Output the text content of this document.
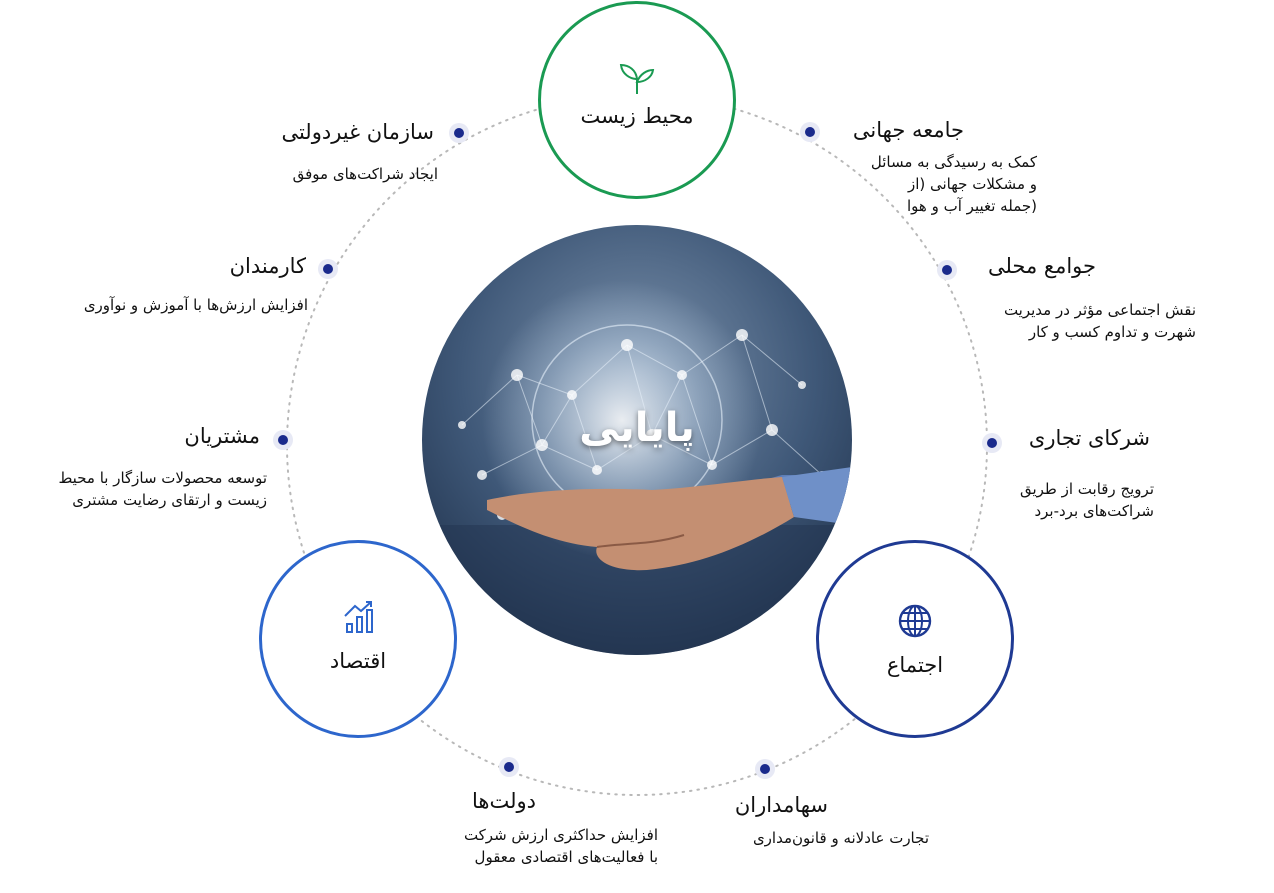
پایایی
محیط زیست
اقتصاد	اجتماع
سازمان غیردولتی
ایجاد شراکت‌های موفق
جامعه جهانی
کمک به رسیدگی به مسائل
و مشکلات جهانی (از
(جمله تغییر آب و هوا
کارمندان
افزایش ارزش‌ها با آموزش و نوآوری
جوامع محلی
نقش اجتماعی مؤثر در مدیریت
شهرت و تداوم کسب و کار
مشتریان
توسعه محصولات سازگار با محیط
زیست و ارتقای رضایت مشتری
شرکای تجاری
ترویج رقابت از طریق
شراکت‌های برد-برد
دولت‌ها
افزایش حداکثری ارزش شرکت
با فعالیت‌های اقتصادی معقول
سهامداران
تجارت عادلانه و قانون‌مداری
